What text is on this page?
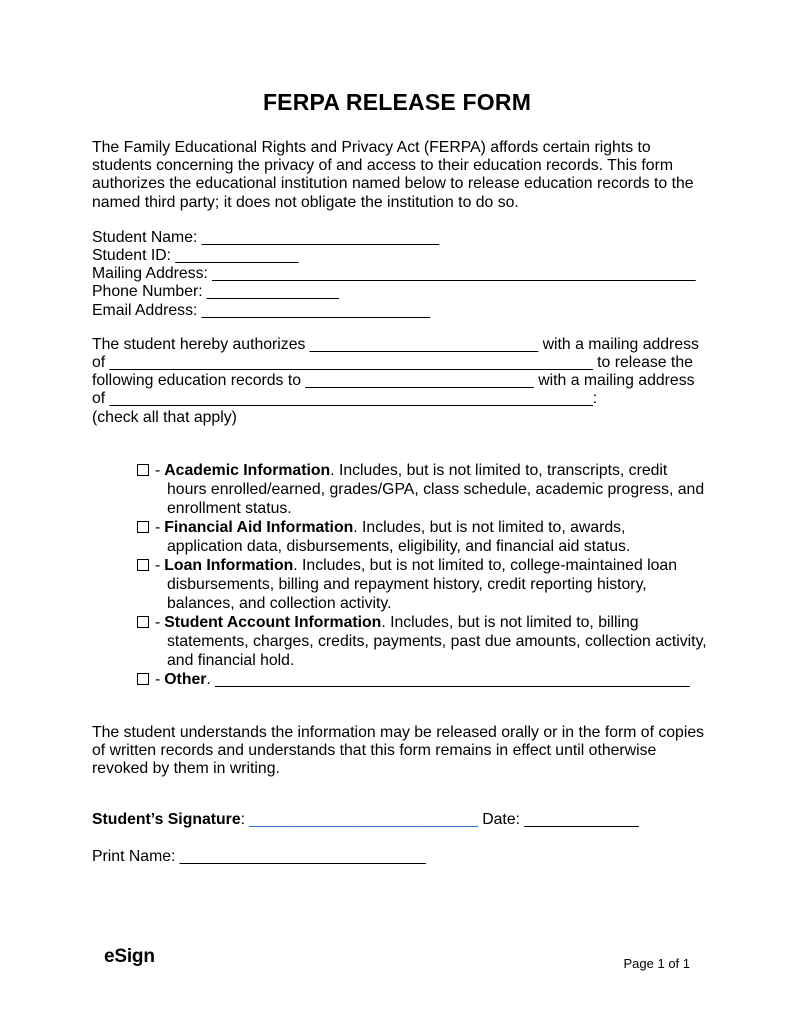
FERPA RELEASE FORM
The Family Educational Rights and Privacy Act (FERPA) affords certain rights to
students concerning the privacy of and access to their education records. This form
authorizes the educational institution named below to release education records to the
named third party; it does not obligate the institution to do so.
Student Name: ___________________________
Student ID: ______________
Mailing Address: _______________________________________________________
Phone Number: _______________
Email Address: __________________________
The student hereby authorizes __________________________ with a mailing address
of _______________________________________________________ to release the
following education records to __________________________ with a mailing address
of _______________________________________________________:
(check all that apply)
- Academic Information. Includes, but is not limited to, transcripts, credit
hours enrolled/earned, grades/GPA, class schedule, academic progress, and
enrollment status.
- Financial Aid Information. Includes, but is not limited to, awards,
application data, disbursements, eligibility, and financial aid status.
- Loan Information. Includes, but is not limited to, college-maintained loan
disbursements, billing and repayment history, credit reporting history,
balances, and collection activity.
- Student Account Information. Includes, but is not limited to, billing
statements, charges, credits, payments, past due amounts, collection activity,
and financial hold.
- Other. ______________________________________________________
The student understands the information may be released orally or in the form of copies
of written records and understands that this form remains in effect until otherwise
revoked by them in writing.
Student’s Signature: __________________________ Date: _____________
Print Name: ____________________________
eSign	Page 1 of 1
